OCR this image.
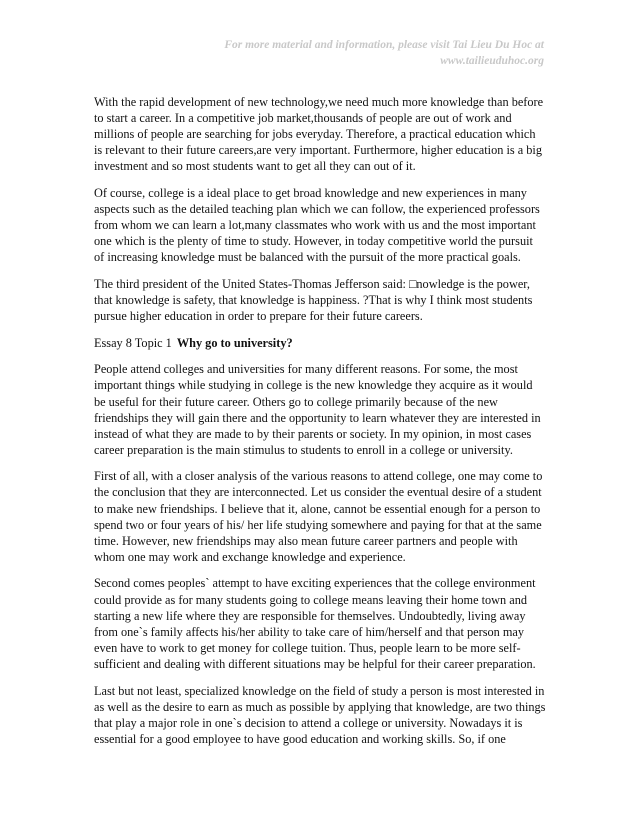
For more material and information, please visit Tai Lieu Du Hoc at
www.tailieuduhoc.org

With the rapid development of new technology,we need much more knowledge than before to start a career. In a competitive job market,thousands of people are out of work and millions of people are searching for jobs everyday. Therefore, a practical education which is relevant to their future careers,are very important. Furthermore, higher education is a big investment and so most students want to get all they can out of it.

Of course, college is a ideal place to get broad knowledge and new experiences in many aspects such as the detailed teaching plan which we can follow, the experienced professors from whom we can learn a lot,many classmates who work with us and the most important one which is the plenty of time to study. However, in today competitive world the pursuit of increasing knowledge must be balanced with the pursuit of the more practical goals.

The third president of the United States-Thomas Jefferson said: □nowledge is the power, that knowledge is safety, that knowledge is happiness. ?That is why I think most students pursue higher education in order to prepare for their future careers.

Essay 8 Topic 1 Why go to university?

People attend colleges and universities for many different reasons. For some, the most important things while studying in college is the new knowledge they acquire as it would be useful for their future career. Others go to college primarily because of the new friendships they will gain there and the opportunity to learn whatever they are interested in instead of what they are made to by their parents or society. In my opinion, in most cases career preparation is the main stimulus to students to enroll in a college or university.

First of all, with a closer analysis of the various reasons to attend college, one may come to the conclusion that they are interconnected. Let us consider the eventual desire of a student to make new friendships. I believe that it, alone, cannot be essential enough for a person to spend two or four years of his/ her life studying somewhere and paying for that at the same time. However, new friendships may also mean future career partners and people with whom one may work and exchange knowledge and experience.

Second comes peoples` attempt to have exciting experiences that the college environment could provide as for many students going to college means leaving their home town and starting a new life where they are responsible for themselves. Undoubtedly, living away from one`s family affects his/her ability to take care of him/herself and that person may even have to work to get money for college tuition. Thus, people learn to be more self-sufficient and dealing with different situations may be helpful for their career preparation.

Last but not least, specialized knowledge on the field of study a person is most interested in as well as the desire to earn as much as possible by applying that knowledge, are two things that play a major role in one`s decision to attend a college or university. Nowadays it is essential for a good employee to have good education and working skills. So, if one
